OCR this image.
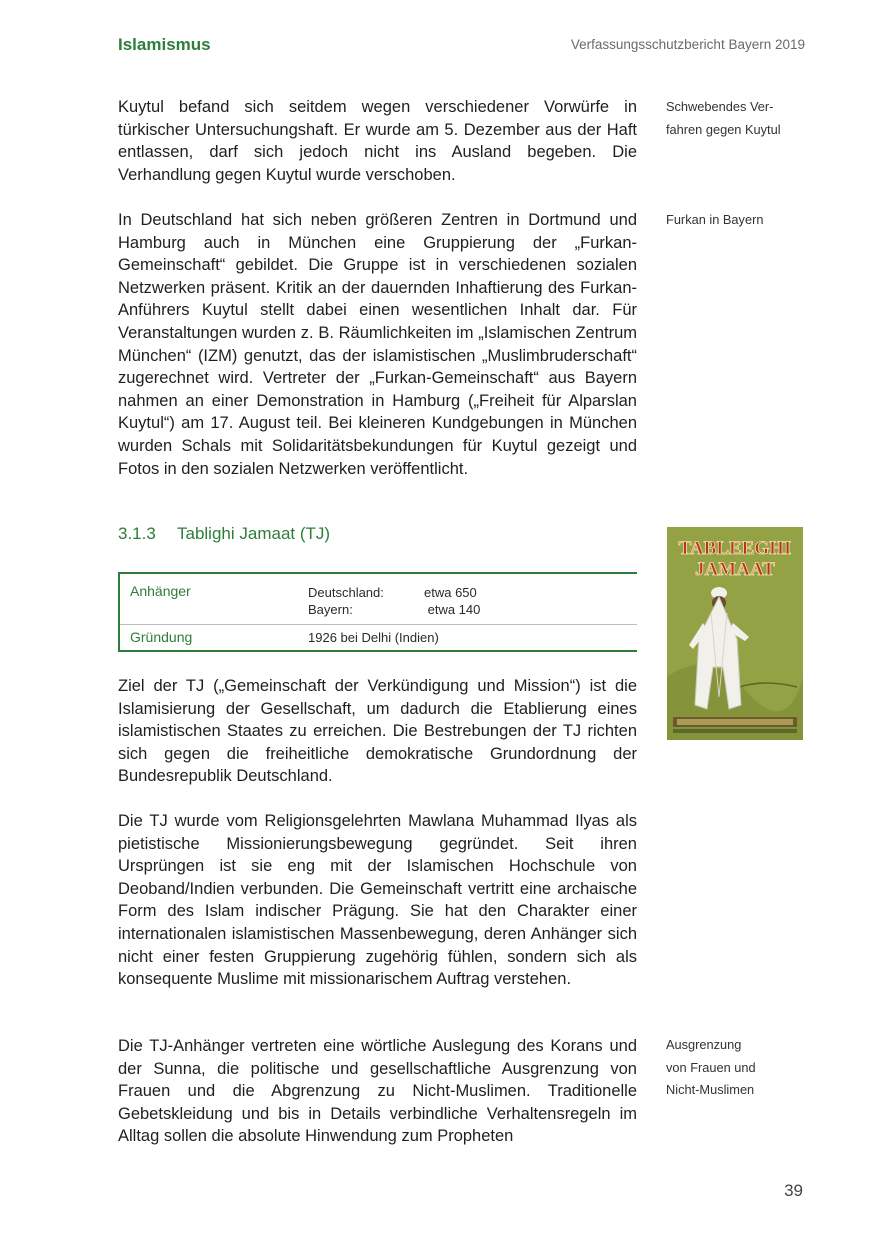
Islamismus	Verfassungsschutzbericht Bayern 2019

Kuytul befand sich seitdem wegen verschiedener Vorwürfe in türkischer Untersuchungshaft. Er wurde am 5. Dezember aus der Haft entlassen, darf sich jedoch nicht ins Ausland begeben. Die Verhandlung gegen Kuytul wurde verschoben.

Schwebendes Ver-
fahren gegen Kuytul

In Deutschland hat sich neben größeren Zentren in Dortmund und Hamburg auch in München eine Gruppierung der „Furkan-Gemeinschaft“ gebildet. Die Gruppe ist in verschiedenen sozialen Netzwerken präsent. Kritik an der dauernden Inhaftierung des Furkan-Anführers Kuytul stellt dabei einen wesentlichen Inhalt dar. Für Veranstaltungen wurden z. B. Räumlichkeiten im „Islamischen Zentrum München“ (IZM) genutzt, das der islamistischen „Muslimbruderschaft“ zugerechnet wird. Vertreter der „Furkan-Gemeinschaft“ aus Bayern nahmen an einer Demonstration in Hamburg („Freiheit für Alparslan Kuytul“) am 17. August teil. Bei kleineren Kundgebungen in München wurden Schals mit Solidaritätsbekundungen für Kuytul gezeigt und Fotos in den sozialen Netzwerken veröffentlicht.

Furkan in Bayern
3.1.3 Tablighi Jamaat (TJ)
TABLEEGHI
JAMAAT
Anhänger	Deutschland:	etwa 650
Bayern:	etwa 140
Gründung	1926 bei Delhi (Indien)

Ziel der TJ („Gemeinschaft der Verkündigung und Mission“) ist die Islamisierung der Gesellschaft, um dadurch die Etablierung eines islamistischen Staates zu erreichen. Die Bestrebungen der TJ richten sich gegen die freiheitliche demokratische Grundordnung der Bundesrepublik Deutschland.

Die TJ wurde vom Religionsgelehrten Mawlana Muhammad Ilyas als pietistische Missionierungsbewegung gegründet. Seit ihren Ursprüngen ist sie eng mit der Islamischen Hochschule von Deoband/Indien verbunden. Die Gemeinschaft vertritt eine archaische Form des Islam indischer Prägung. Sie hat den Charakter einer internationalen islamistischen Massenbewegung, deren Anhänger sich nicht einer festen Gruppierung zugehörig fühlen, sondern sich als konsequente Muslime mit missionarischem Auftrag verstehen.

Die TJ-Anhänger vertreten eine wörtliche Auslegung des Korans und der Sunna, die politische und gesellschaftliche Ausgrenzung von Frauen und die Abgrenzung zu Nicht-Muslimen. Traditionelle Gebetskleidung und bis in Details verbindliche Verhaltensregeln im Alltag sollen die absolute Hinwendung zum Propheten

Ausgrenzung
von Frauen und
Nicht-Muslimen
39
